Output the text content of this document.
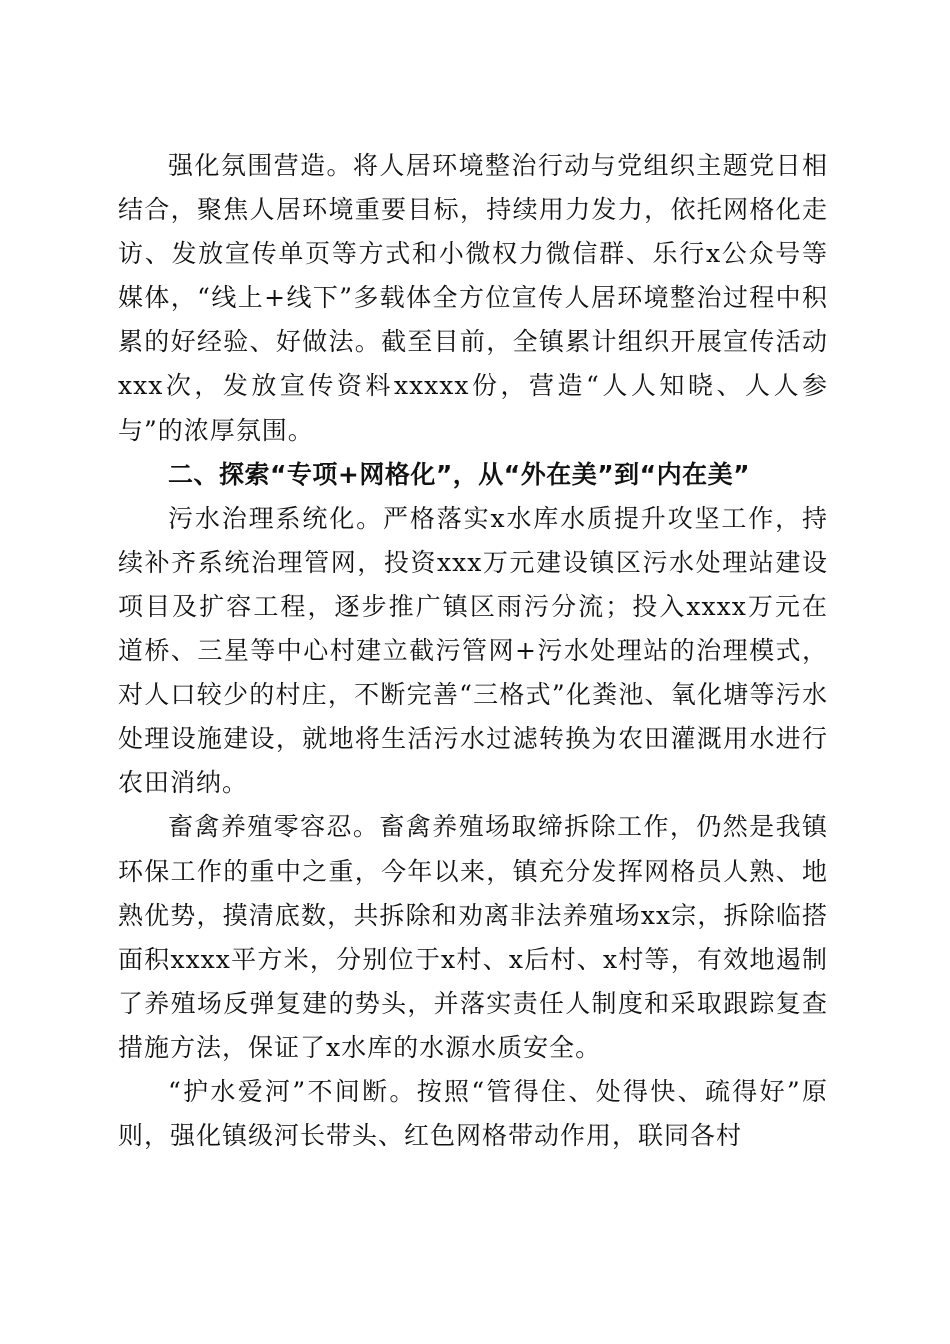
强化氛围营造。将人居环境整治行动与党组织主题党日相结合，聚焦人居环境重要目标，持续用力发力，依托网格化走访、发放宣传单页等方式和小微权力微信群、乐行x公众号等媒体，“线上+线下”多载体全方位宣传人居环境整治过程中积累的好经验、好做法。截至目前，全镇累计组织开展宣传活动xxx次，发放宣传资料xxxxx份，营造“人人知晓、人人参与”的浓厚氛围。

二、探索“专项+网格化”，从“外在美”到“内在美”

污水治理系统化。严格落实x水库水质提升攻坚工作，持续补齐系统治理管网，投资xxx万元建设镇区污水处理站建设项目及扩容工程，逐步推广镇区雨污分流；投入xxxx万元在道桥、三星等中心村建立截污管网+污水处理站的治理模式，对人口较少的村庄，不断完善“三格式”化粪池、氧化塘等污水处理设施建设，就地将生活污水过滤转换为农田灌溉用水进行农田消纳。

畜禽养殖零容忍。畜禽养殖场取缔拆除工作，仍然是我镇环保工作的重中之重，今年以来，镇充分发挥网格员人熟、地熟优势，摸清底数，共拆除和劝离非法养殖场xx宗，拆除临搭面积xxxx平方米，分别位于x村、x后村、x村等，有效地遏制了养殖场反弹复建的势头，并落实责任人制度和采取跟踪复查措施方法，保证了x水库的水源水质安全。

“护水爱河”不间断。按照“管得住、处得快、疏得好”原则，强化镇级河长带头、红色网格带动作用，联同各村
